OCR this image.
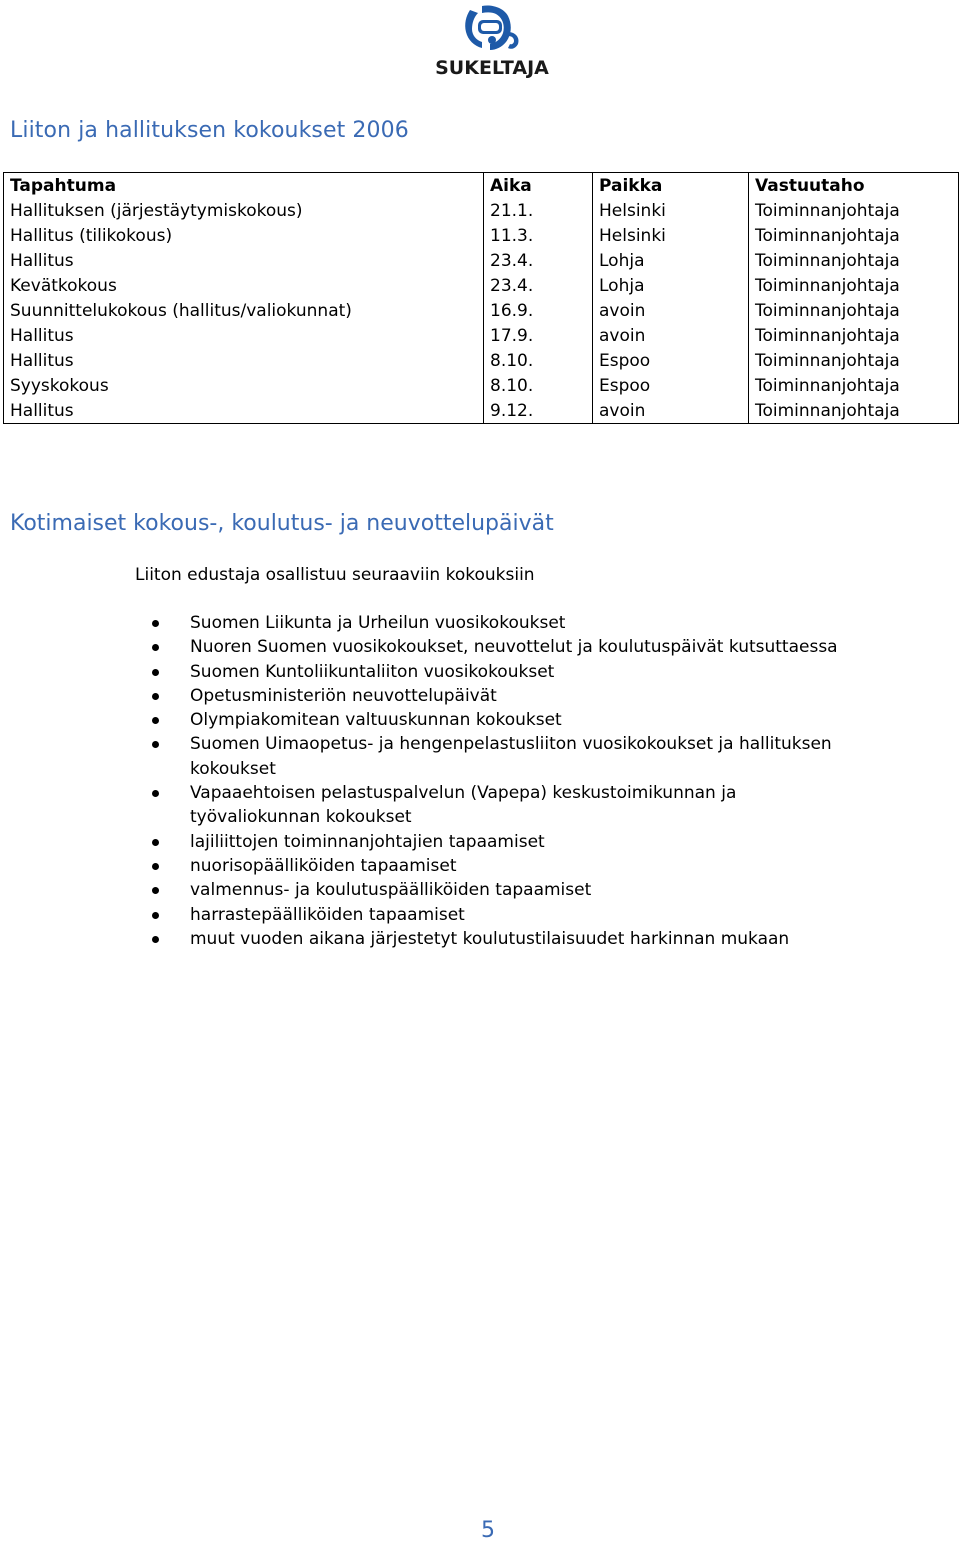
SUKELTAJA
Liiton ja hallituksen kokoukset 2006
Tapahtuma	Aika	Paikka	Vastuutaho
Hallituksen (järjestäytymiskokous)	21.1.	Helsinki	Toiminnanjohtaja
Hallitus (tilikokous)	11.3.	Helsinki	Toiminnanjohtaja
Hallitus	23.4.	Lohja	Toiminnanjohtaja
Kevätkokous	23.4.	Lohja	Toiminnanjohtaja
Suunnittelukokous (hallitus/valiokunnat)	16.9.	avoin	Toiminnanjohtaja
Hallitus	17.9.	avoin	Toiminnanjohtaja
Hallitus	8.10.	Espoo	Toiminnanjohtaja
Syyskokous	8.10.	Espoo	Toiminnanjohtaja
Hallitus	9.12.	avoin	Toiminnanjohtaja
Kotimaiset kokous-, koulutus- ja neuvottelupäivät
Liiton edustaja osallistuu seuraaviin kokouksiin
Suomen Liikunta ja Urheilun vuosikokoukset
Nuoren Suomen vuosikokoukset, neuvottelut ja koulutuspäivät kutsuttaessa
Suomen Kuntoliikuntaliiton vuosikokoukset
Opetusministeriön neuvottelupäivät
Olympiakomitean valtuuskunnan kokoukset
Suomen Uimaopetus- ja hengenpelastusliiton vuosikokoukset ja hallituksen
kokoukset
Vapaaehtoisen pelastuspalvelun (Vapepa) keskustoimikunnan ja
työvaliokunnan kokoukset
lajiliittojen toiminnanjohtajien tapaamiset
nuorisopäälliköiden tapaamiset
valmennus- ja koulutuspäälliköiden tapaamiset
harrastepäälliköiden tapaamiset
muut vuoden aikana järjestetyt koulutustilaisuudet harkinnan mukaan
5
